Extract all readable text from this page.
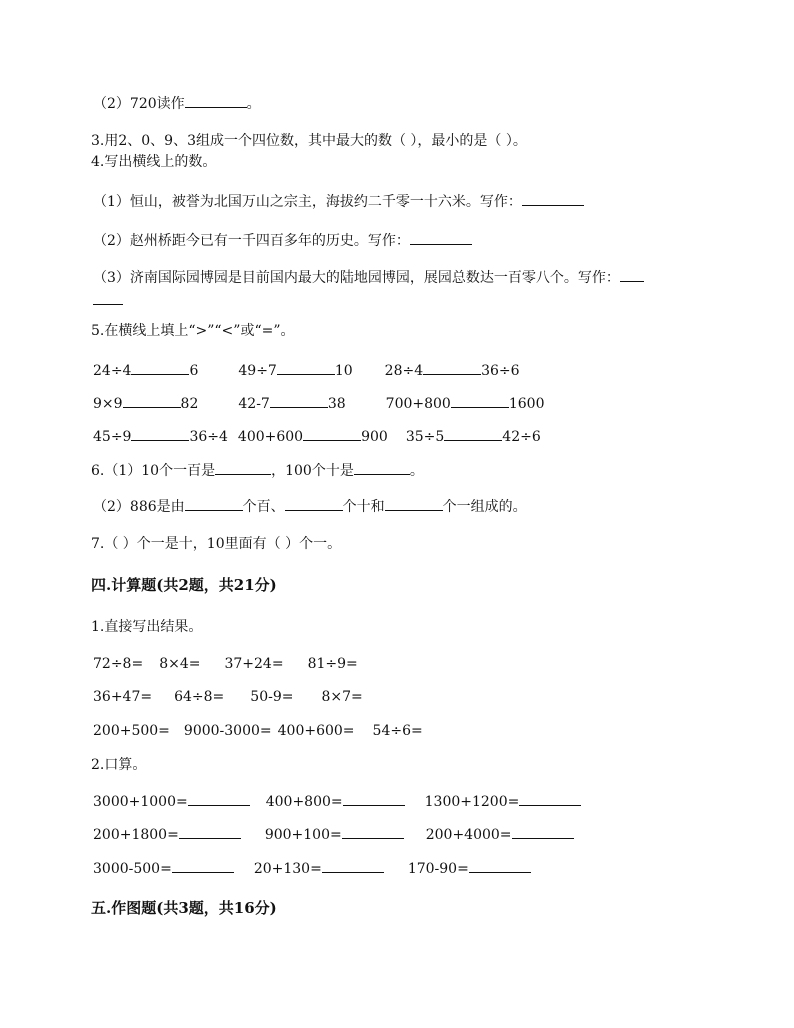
（2）720读作	。
3.用2、0、9、3组成一个四位数，其中最大的数（ ），最小的是（ ）。
4.写出横线上的数。
（1）恒山，被誉为北国万山之宗主，海拔约二千零一十六米。写作：
（2）赵州桥距今已有一千四百多年的历史。写作：
（3）济南国际园博园是目前国内最大的陆地园博园，展园总数达一百零八个。写作：
5.在横线上填上“>”“<”或“=”。
24÷4	6	49÷7	10 28÷4	36÷6
9×9	82	42-7	38	700+800	1600
45÷9	36÷4 400+600	900 35÷5	42÷6
6.（1）10个一百是	，100个十是	。
（2）886是由	个百、	个十和	个一组成的。
7.（ ）个一是十，10里面有（ ）个一。
四.计算题(共2题，共21分)
1.直接写出结果。
72÷8= 8×4= 37+24= 81÷9=
36+47= 64÷8= 50-9= 8×7=
200+500= 9000-3000= 400+600= 54÷6=
2.口算。
3000+1000=	400+800=	1300+1200=
200+1800=	900+100=	200+4000=
3000-500=	20+130=	170-90=
五.作图题(共3题，共16分)
